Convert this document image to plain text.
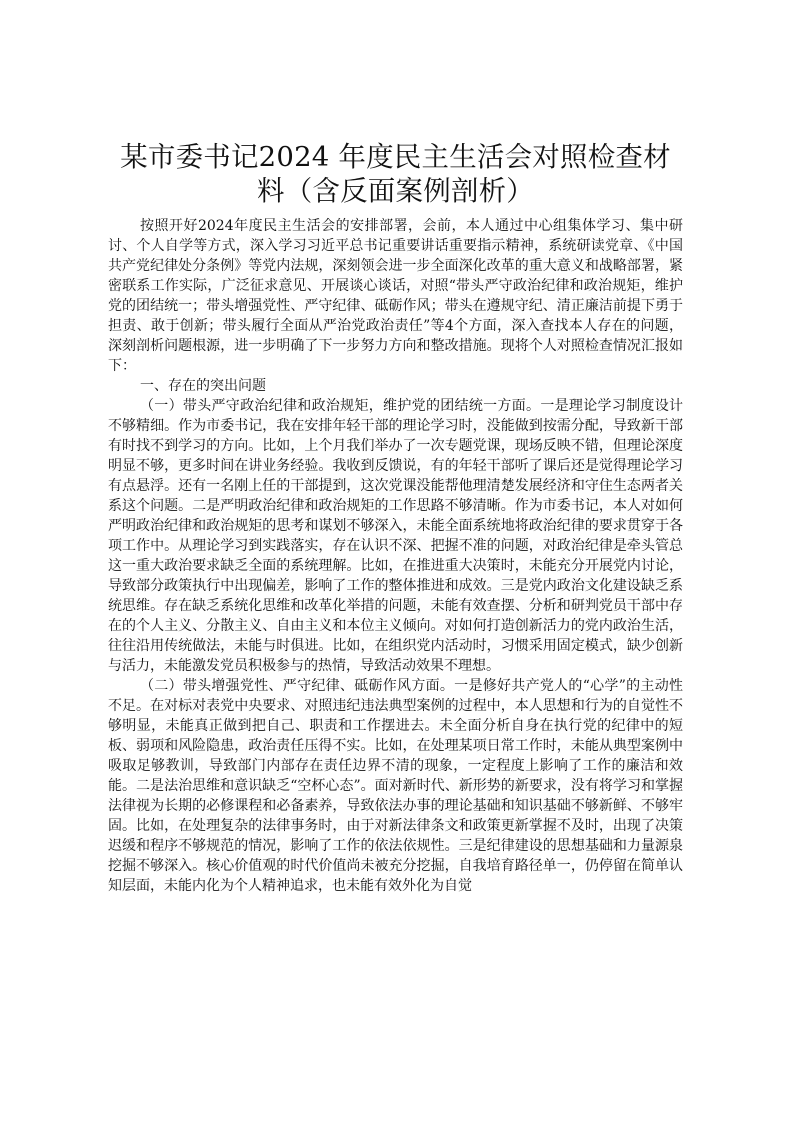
某市委书记2024 年度民主生活会对照检查材料（含反面案例剖析）

按照开好2024年度民主生活会的安排部署，会前，本人通过中心组集体学习、集中研讨、个人自学等方式，深入学习习近平总书记重要讲话重要指示精神，系统研读党章、《中国共产党纪律处分条例》等党内法规，深刻领会进一步全面深化改革的重大意义和战略部署，紧密联系工作实际，广泛征求意见、开展谈心谈话，对照“带头严守政治纪律和政治规矩，维护党的团结统一；带头增强党性、严守纪律、砥砺作风；带头在遵规守纪、清正廉洁前提下勇于担责、敢于创新；带头履行全面从严治党政治责任”等4个方面，深入查找本人存在的问题，深刻剖析问题根源，进一步明确了下一步努力方向和整改措施。现将个人对照检查情况汇报如下：

一、存在的突出问题

（一）带头严守政治纪律和政治规矩，维护党的团结统一方面。一是理论学习制度设计不够精细。作为市委书记，我在安排年轻干部的理论学习时，没能做到按需分配，导致新干部有时找不到学习的方向。比如，上个月我们举办了一次专题党课，现场反映不错，但理论深度明显不够，更多时间在讲业务经验。我收到反馈说，有的年轻干部听了课后还是觉得理论学习有点悬浮。还有一名刚上任的干部提到，这次党课没能帮他理清楚发展经济和守住生态两者关系这个问题。二是严明政治纪律和政治规矩的工作思路不够清晰。作为市委书记，本人对如何严明政治纪律和政治规矩的思考和谋划不够深入，未能全面系统地将政治纪律的要求贯穿于各项工作中。从理论学习到实践落实，存在认识不深、把握不准的问题，对政治纪律是牵头管总这一重大政治要求缺乏全面的系统理解。比如，在推进重大决策时，未能充分开展党内讨论，导致部分政策执行中出现偏差，影响了工作的整体推进和成效。三是党内政治文化建设缺乏系统思维。存在缺乏系统化思维和改革化举措的问题，未能有效查摆、分析和研判党员干部中存在的个人主义、分散主义、自由主义和本位主义倾向。对如何打造创新活力的党内政治生活，往往沿用传统做法，未能与时俱进。比如，在组织党内活动时，习惯采用固定模式，缺少创新与活力，未能激发党员积极参与的热情，导致活动效果不理想。

（二）带头增强党性、严守纪律、砥砺作风方面。一是修好共产党人的“心学”的主动性不足。在对标对表党中央要求、对照违纪违法典型案例的过程中，本人思想和行为的自觉性不够明显，未能真正做到把自己、职责和工作摆进去。未全面分析自身在执行党的纪律中的短板、弱项和风险隐患，政治责任压得不实。比如，在处理某项日常工作时，未能从典型案例中吸取足够教训，导致部门内部存在责任边界不清的现象，一定程度上影响了工作的廉洁和效能。二是法治思维和意识缺乏“空杯心态”。面对新时代、新形势的新要求，没有将学习和掌握法律视为长期的必修课程和必备素养，导致依法办事的理论基础和知识基础不够新鲜、不够牢固。比如，在处理复杂的法律事务时，由于对新法律条文和政策更新掌握不及时，出现了决策迟缓和程序不够规范的情况，影响了工作的依法依规性。三是纪律建设的思想基础和力量源泉挖掘不够深入。核心价值观的时代价值尚未被充分挖掘，自我培育路径单一，仍停留在简单认知层面，未能内化为个人精神追求，也未能有效外化为自觉
